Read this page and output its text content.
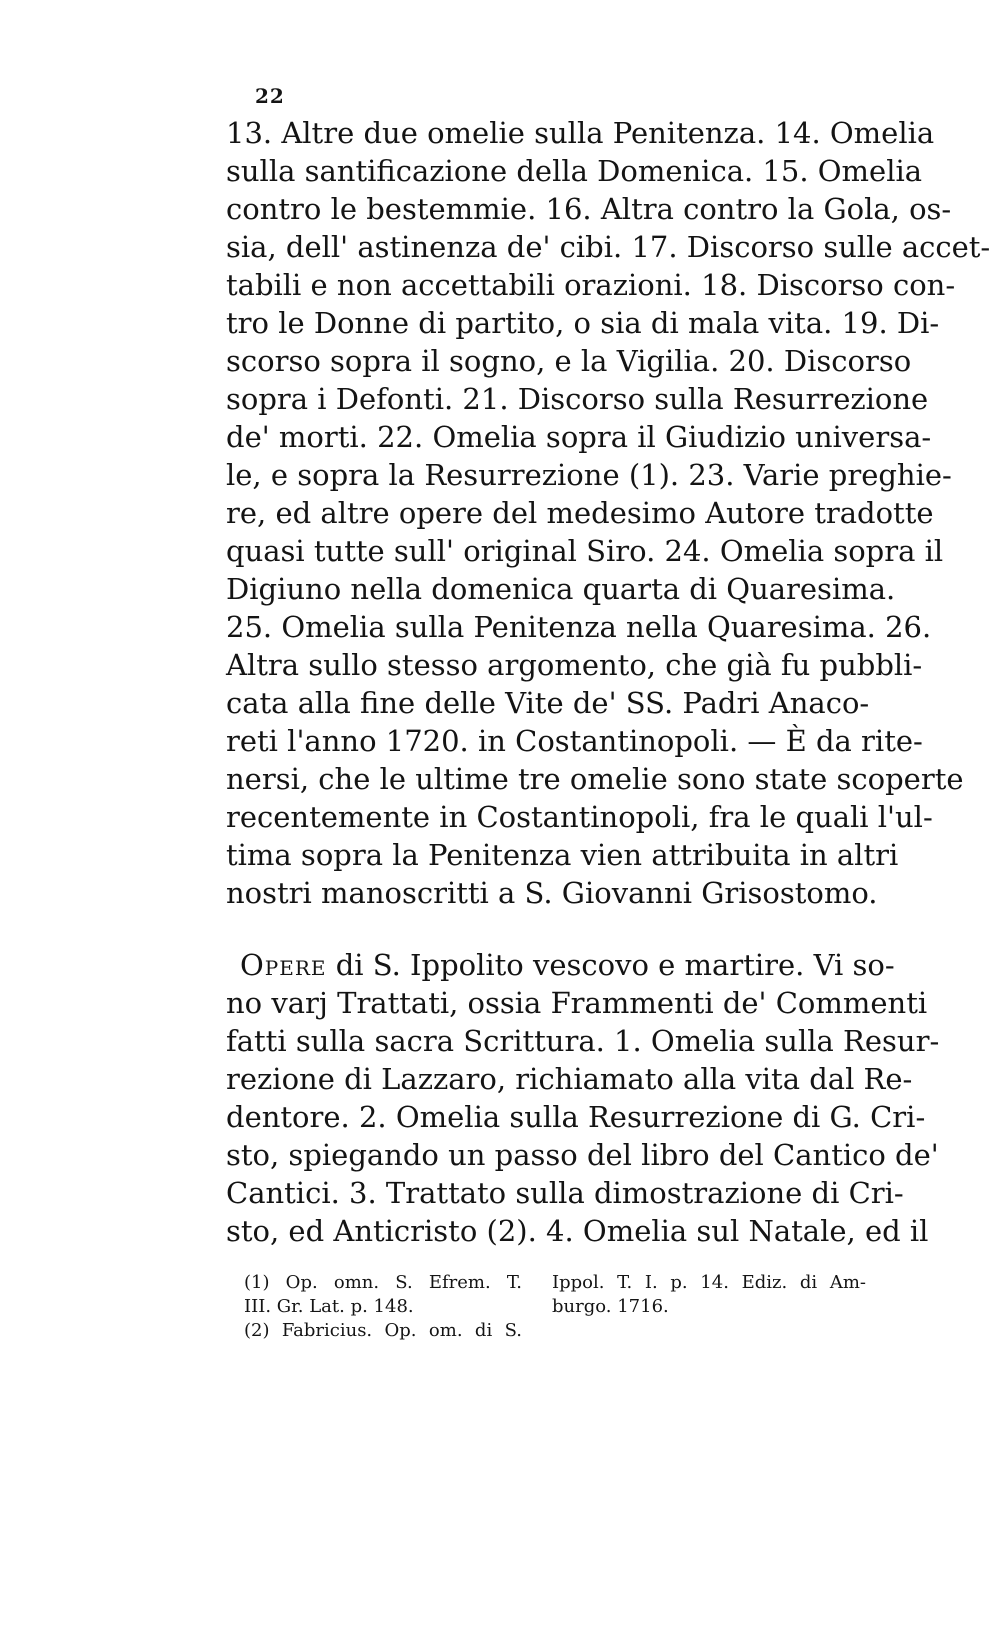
22
13. Altre due omelie sulla Penitenza. 14. Omelia
sulla santificazione della Domenica. 15. Omelia
contro le bestemmie. 16. Altra contro la Gola, os-
sia, dell' astinenza de' cibi. 17. Discorso sulle accet-
tabili e non accettabili orazioni. 18. Discorso con-
tro le Donne di partito, o sia di mala vita. 19. Di-
scorso sopra il sogno, e la Vigilia. 20. Discorso
sopra i Defonti. 21. Discorso sulla Resurrezione
de' morti. 22. Omelia sopra il Giudizio universa-
le, e sopra la Resurrezione (1). 23. Varie preghie-
re, ed altre opere del medesimo Autore tradotte
quasi tutte sull' original Siro. 24. Omelia sopra il
Digiuno nella domenica quarta di Quaresima.
25. Omelia sulla Penitenza nella Quaresima. 26.
Altra sullo stesso argomento, che già fu pubbli-
cata alla fine delle Vite de' SS. Padri Anaco-
reti l'anno 1720. in Costantinopoli. — È da rite-
nersi, che le ultime tre omelie sono state scoperte
recentemente in Costantinopoli, fra le quali l'ul-
tima sopra la Penitenza vien attribuita in altri
nostri manoscritti a S. Giovanni Grisostomo.
Opere di S. Ippolito vescovo e martire. Vi so-
no varj Trattati, ossia Frammenti de' Commenti
fatti sulla sacra Scrittura. 1. Omelia sulla Resur-
rezione di Lazzaro, richiamato alla vita dal Re-
dentore. 2. Omelia sulla Resurrezione di G. Cri-
sto, spiegando un passo del libro del Cantico de'
Cantici. 3. Trattato sulla dimostrazione di Cri-
sto, ed Anticristo (2). 4. Omelia sul Natale, ed il
(1) Op. omn. S. Efrem. T.
III. Gr. Lat. p. 148.
(2) Fabricius. Op. om. di S.
Ippol. T. I. p. 14. Ediz. di Am-
burgo. 1716.
